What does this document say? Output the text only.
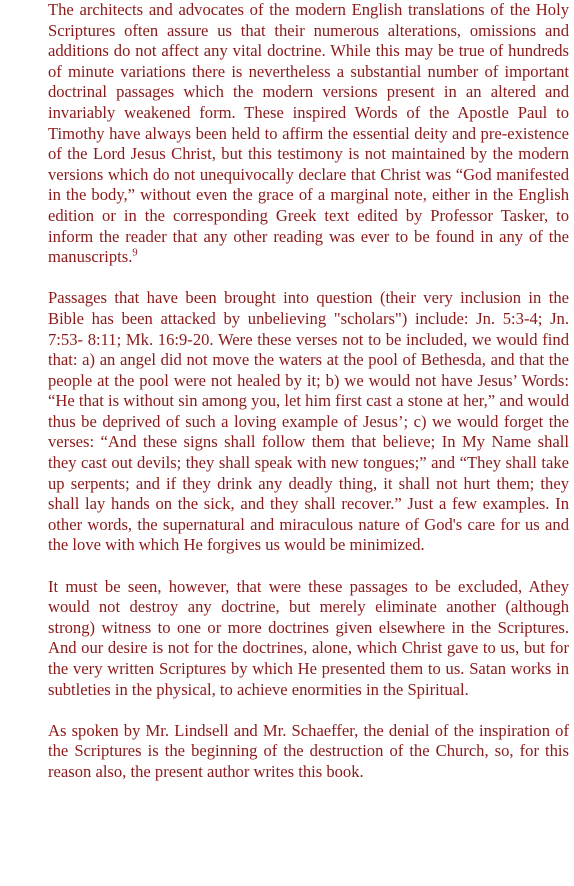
The architects and advocates of the modern English translations of the Holy Scriptures often assure us that their numerous alterations, omissions and additions do not affect any vital doctrine. While this may be true of hundreds of minute variations there is nevertheless a substantial number of important doctrinal passages which the modern versions present in an altered and invariably weakened form. These inspired Words of the Apostle Paul to Timothy have always been held to affirm the essential deity and pre-existence of the Lord Jesus Christ, but this testimony is not maintained by the modern versions which do not unequivocally declare that Christ was “God manifested in the body,” without even the grace of a marginal note, either in the English edition or in the corresponding Greek text edited by Professor Tasker, to inform the reader that any other reading was ever to be found in any of the manuscripts.$^9$

Passages that have been brought into question (their very inclusion in the Bible has been attacked by unbelieving "scholars") include: Jn. 5:3-4; Jn. 7:53- 8:11; Mk. 16:9-20. Were these verses not to be included, we would find that: a) an angel did not move the waters at the pool of Bethesda, and that the people at the pool were not healed by it; b) we would not have Jesus’ Words: “He that is without sin among you, let him first cast a stone at her,” and would thus be deprived of such a loving example of Jesus’; c) we would forget the verses: “And these signs shall follow them that believe; In My Name shall they cast out devils; they shall speak with new tongues;” and “They shall take up serpents; and if they drink any deadly thing, it shall not hurt them; they shall lay hands on the sick, and they shall recover.” Just a few examples. In other words, the supernatural and miraculous nature of God's care for us and the love with which He forgives us would be minimized.

It must be seen, however, that were these passages to be excluded, Athey would not destroy any doctrine, but merely eliminate another (although strong) witness to one or more doctrines given elsewhere in the Scriptures. And our desire is not for the doctrines, alone, which Christ gave to us, but for the very written Scriptures by which He presented them to us. Satan works in subtleties in the physical, to achieve enormities in the Spiritual.

As spoken by Mr. Lindsell and Mr. Schaeffer, the denial of the inspiration of the Scriptures is the beginning of the destruction of the Church, so, for this reason also, the present author writes this book.
